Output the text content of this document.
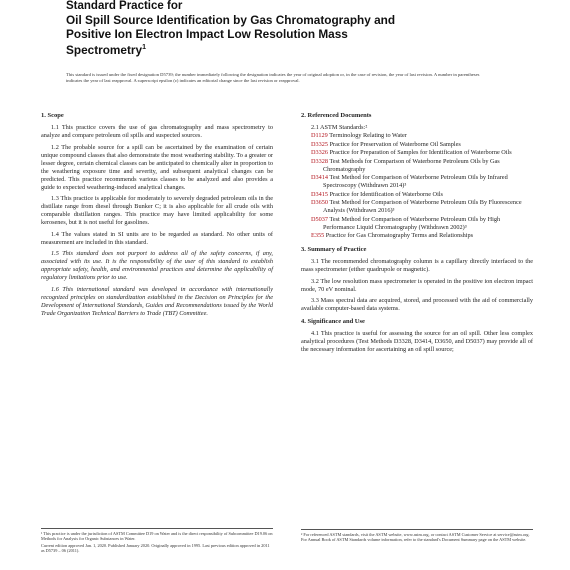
Standard Practice for
Oil Spill Source Identification by Gas Chromatography and
Positive Ion Electron Impact Low Resolution Mass
Spectrometry$^1$
This standard is issued under the fixed designation D5739; the number immediately following the designation indicates the year of original adoption or, in the case of revision, the year of last revision. A number in parentheses indicates the year of last reapproval. A superscript epsilon (ε) indicates an editorial change since the last revision or reapproval.
1. Scope

1.1 This practice covers the use of gas chromatography and mass spectrometry to analyze and compare petroleum oil spills and suspected sources.

1.2 The probable source for a spill can be ascertained by the examination of certain unique compound classes that also demonstrate the most weathering stability. To a greater or lesser degree, certain chemical classes can be anticipated to chemically alter in proportion to the weathering exposure time and severity, and subsequent analytical changes can be predicted. This practice recommends various classes to be analyzed and also provides a guide to expected weathering-induced analytical changes.

1.3 This practice is applicable for moderately to severely degraded petroleum oils in the distillate range from diesel through Bunker C; it is also applicable for all crude oils with comparable distillation ranges. This practice may have limited applicability for some kerosenes, but it is not useful for gasolines.

1.4 The values stated in SI units are to be regarded as standard. No other units of measurement are included in this standard.

1.5 This standard does not purport to address all of the safety concerns, if any, associated with its use. It is the responsibility of the user of this standard to establish appropriate safety, health, and environmental practices and determine the applicability of regulatory limitations prior to use.

1.6 This international standard was developed in accordance with internationally recognized principles on standardization established in the Decision on Principles for the Development of International Standards, Guides and Recommendations issued by the World Trade Organization Technical Barriers to Trade (TBT) Committee.

2. Referenced Documents
2.1 ASTM Standards:²
D1129 Terminology Relating to Water
D3325 Practice for Preservation of Waterborne Oil Samples
D3326 Practice for Preparation of Samples for Identification of Waterborne Oils
D3328 Test Methods for Comparison of Waterborne Petroleum Oils by Gas Chromatography
D3414 Test Method for Comparison of Waterborne Petroleum Oils by Infrared Spectroscopy (Withdrawn 2014)³
D3415 Practice for Identification of Waterborne Oils
D3650 Test Method for Comparison of Waterborne Petroleum Oils By Fluorescence Analysis (Withdrawn 2016)³
D5037 Test Method for Comparison of Waterborne Petroleum Oils by High Performance Liquid Chromatography (Withdrawn 2002)³
E355 Practice for Gas Chromatography Terms and Relationships
3. Summary of Practice

3.1 The recommended chromatography column is a capillary directly interfaced to the mass spectrometer (either quadrupole or magnetic).

3.2 The low resolution mass spectrometer is operated in the positive ion electron impact mode, 70 eV nominal.

3.3 Mass spectral data are acquired, stored, and processed with the aid of commercially available computer-based data systems.

4. Significance and Use

4.1 This practice is useful for assessing the source for an oil spill. Other less complex analytical procedures (Test Methods D3328, D3414, D3650, and D5037) may provide all of the necessary information for ascertaining an oil spill source;

¹ This practice is under the jurisdiction of ASTM Committee D19 on Water and is the direct responsibility of Subcommittee D19.06 on Methods for Analysis for Organic Substances in Water.

Current edition approved Jan. 1, 2020. Published January 2020. Originally approved in 1995. Last previous edition approved in 2011 as D5739 – 06 (2011).

² For referenced ASTM standards, visit the ASTM website, www.astm.org, or contact ASTM Customer Service at service@astm.org. For Annual Book of ASTM Standards volume information, refer to the standard's Document Summary page on the ASTM website.
